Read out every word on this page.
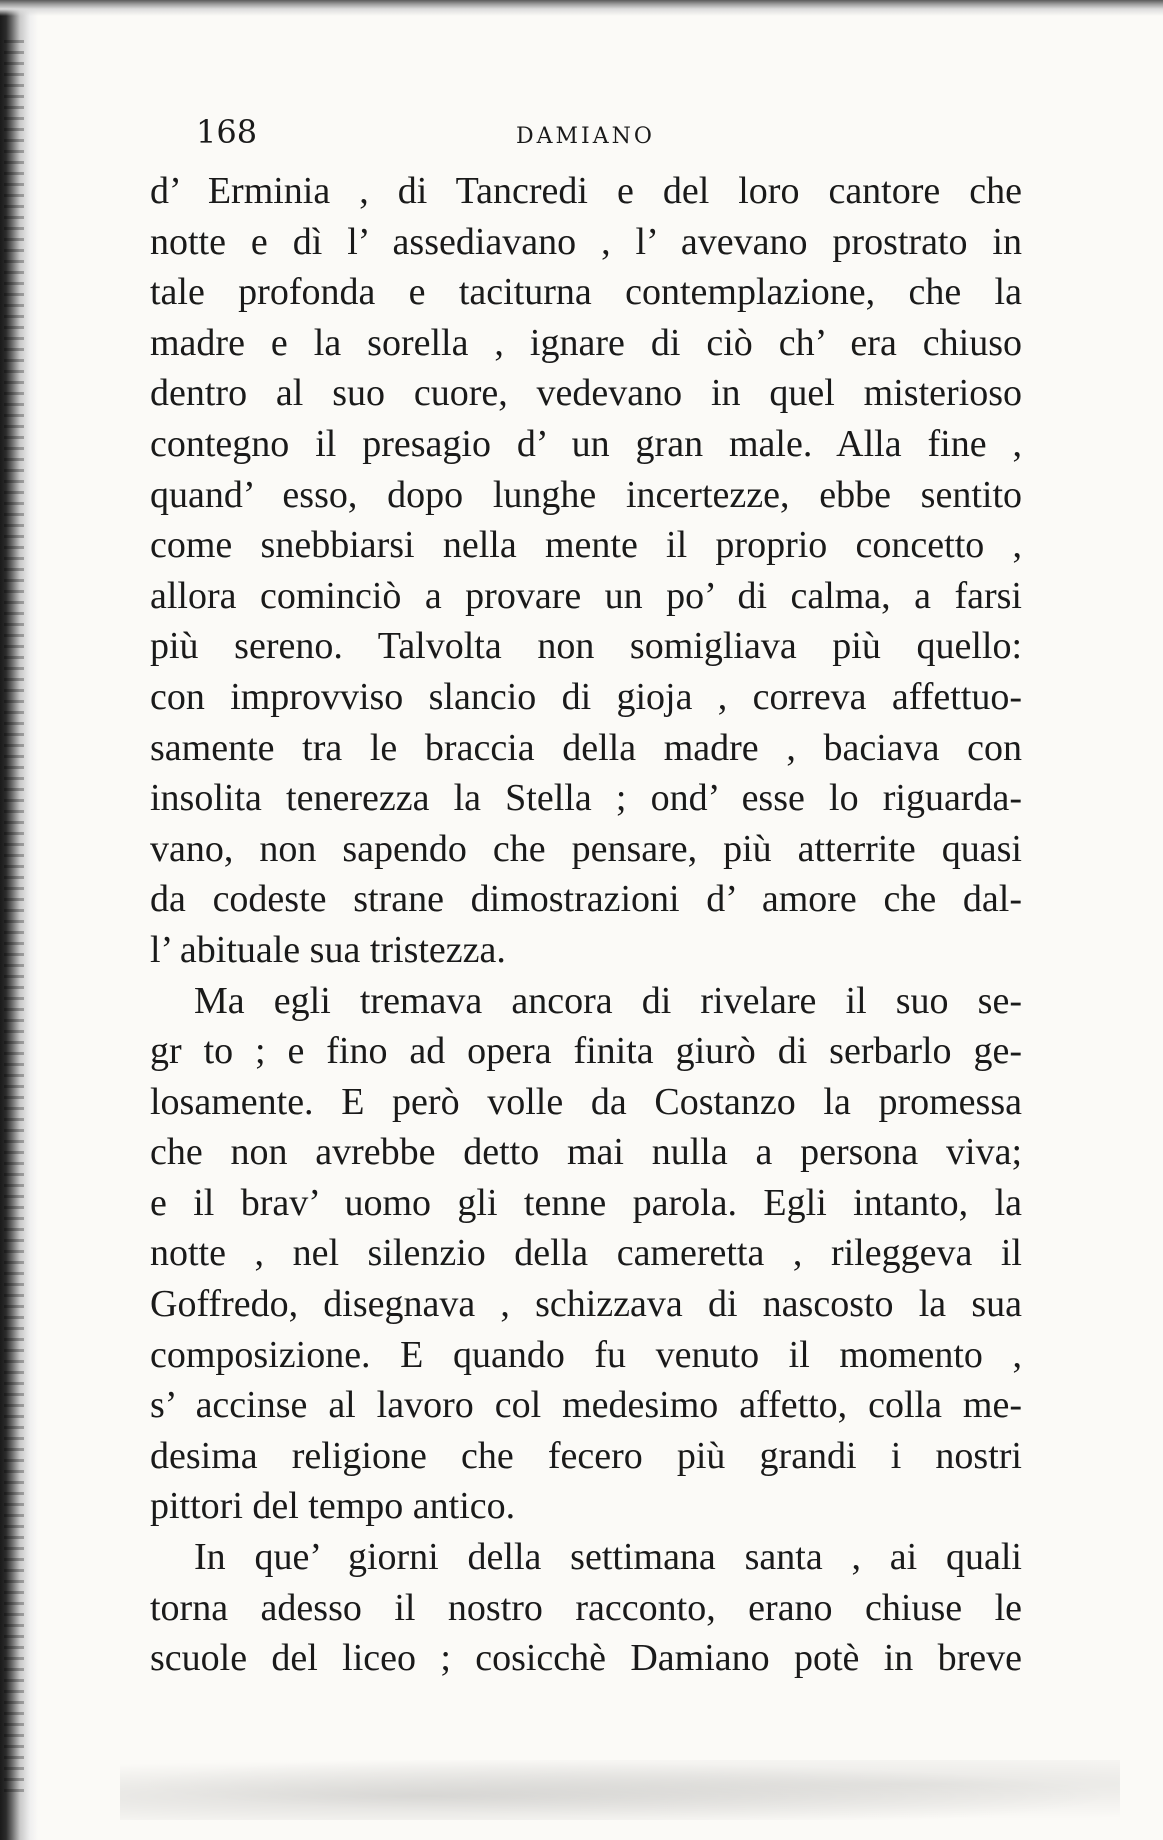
168	DAMIANO
d’ Erminia , di Tancredi e del loro cantore che
notte e dì l’ assediavano , l’ avevano prostrato in
tale profonda e taciturna contemplazione, che la
madre e la sorella , ignare di ciò ch’ era chiuso
dentro al suo cuore, vedevano in quel misterioso
contegno il presagio d’ un gran male. Alla fine ,
quand’ esso, dopo lunghe incertezze, ebbe sentito
come snebbiarsi nella mente il proprio concetto ,
allora cominciò a provare un po’ di calma, a farsi
più sereno. Talvolta non somigliava più quello:
con improvviso slancio di gioja , correva affettuo-
samente tra le braccia della madre , baciava con
insolita tenerezza la Stella ; ond’ esse lo riguarda-
vano, non sapendo che pensare, più atterrite quasi
da codeste strane dimostrazioni d’ amore che dal-
l’ abituale sua tristezza.
Ma egli tremava ancora di rivelare il suo se-
gr to ; e fino ad opera finita giurò di serbarlo ge-
losamente. E però volle da Costanzo la promessa
che non avrebbe detto mai nulla a persona viva;
e il brav’ uomo gli tenne parola. Egli intanto, la
notte , nel silenzio della cameretta , rileggeva il
Goffredo, disegnava , schizzava di nascosto la sua
composizione. E quando fu venuto il momento ,
s’ accinse al lavoro col medesimo affetto, colla me-
desima religione che fecero più grandi i nostri
pittori del tempo antico.
In que’ giorni della settimana santa , ai quali
torna adesso il nostro racconto, erano chiuse le
scuole del liceo ; cosicchè Damiano potè in breve
